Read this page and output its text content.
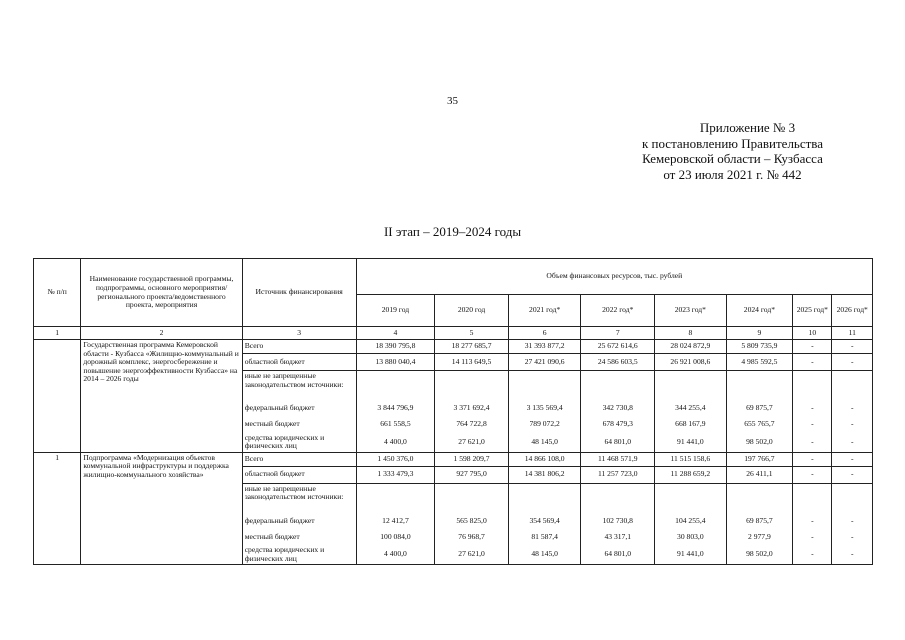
35
Приложение № 3
к постановлению Правительства
Кемеровской области – Кузбасса
от 23 июля 2021 г. № 442
II этап – 2019–2024 годы
№ п/п	Наименование государственной программы, подпрограммы, основного мероприятия/регионального проекта/ведомственного проекта, мероприятия	Источник финансирования	Объем финансовых ресурсов, тыс. рублей							
			2019 год	2020 год	2021 год*	2022 год*	2023 год*	2024 год*	2025 год*	2026 год*
1	2	3	4	5	6	7	8	9	10	11
	Государственная программа Кемеровской области - Кузбасса «Жилищно-коммунальный и дорожный комплекс, энергосбережение и повышение энергоэффективности Кузбасса» на 2014 – 2026 годы	Всего	18 390 795,8	18 277 685,7	31 393 877,2	25 672 614,6	28 024 872,9	5 809 735,9	-	-
		областной бюджет	13 880 040,4	14 113 649,5	27 421 090,6	24 586 603,5	26 921 008,6	4 985 592,5	-	-
		иные не запрещенные законодательством источники:								
		федеральный бюджет	3 844 796,9	3 371 692,4	3 135 569,4	342 730,8	344 255,4	69 875,7	-	-
		местный бюджет	661 558,5	764 722,8	789 072,2	678 479,3	668 167,9	655 765,7	-	-
		средства юридических и физических лиц	4 400,0	27 621,0	48 145,0	64 801,0	91 441,0	98 502,0	-	-
1	Подпрограмма «Модернизация объектов коммунальной инфраструктуры и поддержка жилищно-коммунального хозяйства»	Всего	1 450 376,0	1 598 209,7	14 866 108,0	11 468 571,9	11 515 158,6	197 766,7	-	-
		областной бюджет	1 333 479,3	927 795,0	14 381 806,2	11 257 723,0	11 288 659,2	26 411,1	-	-
		иные не запрещенные законодательством источники:								
		федеральный бюджет	12 412,7	565 825,0	354 569,4	102 730,8	104 255,4	69 875,7	-	-
		местный бюджет	100 084,0	76 968,7	81 587,4	43 317,1	30 803,0	2 977,9	-	-
		средства юридических и физических лиц	4 400,0	27 621,0	48 145,0	64 801,0	91 441,0	98 502,0	-	-
